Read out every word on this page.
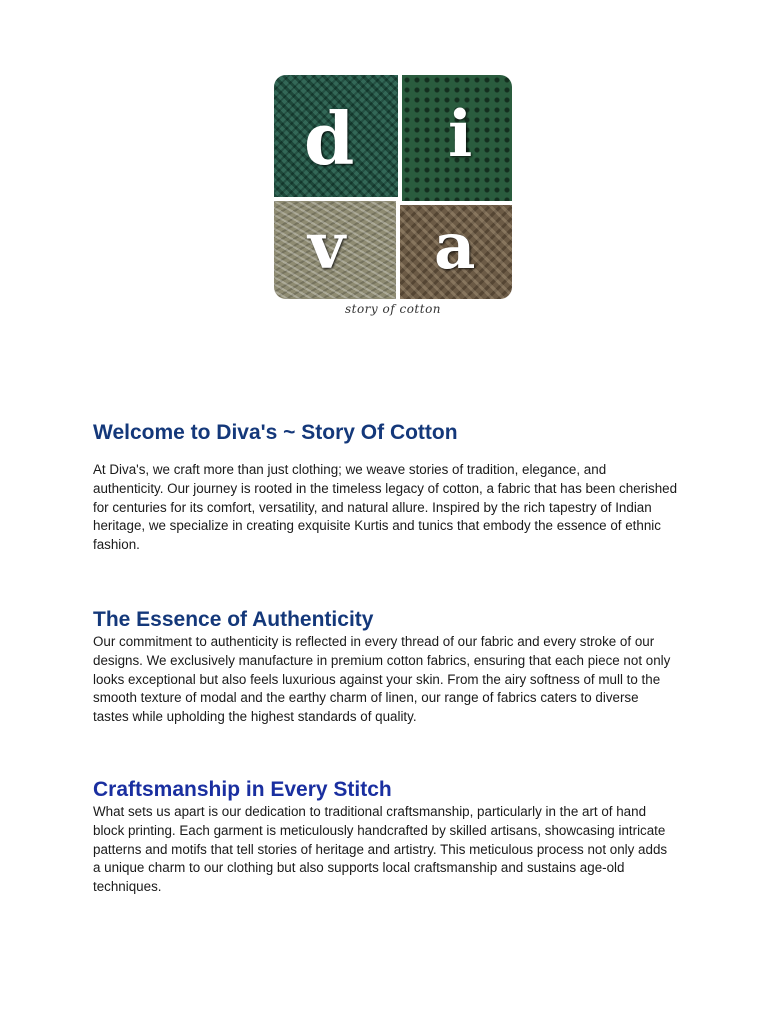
d i
v a
story of cotton
Welcome to Diva's ~ Story Of Cotton

At Diva's, we craft more than just clothing; we weave stories of tradition, elegance, and authenticity. Our journey is rooted in the timeless legacy of cotton, a fabric that has been cherished for centuries for its comfort, versatility, and natural allure. Inspired by the rich tapestry of Indian heritage, we specialize in creating exquisite Kurtis and tunics that embody the essence of ethnic fashion.

The Essence of Authenticity

Our commitment to authenticity is reflected in every thread of our fabric and every stroke of our designs. We exclusively manufacture in premium cotton fabrics, ensuring that each piece not only looks exceptional but also feels luxurious against your skin. From the airy softness of mull to the smooth texture of modal and the earthy charm of linen, our range of fabrics caters to diverse tastes while upholding the highest standards of quality.

Craftsmanship in Every Stitch

What sets us apart is our dedication to traditional craftsmanship, particularly in the art of hand block printing. Each garment is meticulously handcrafted by skilled artisans, showcasing intricate patterns and motifs that tell stories of heritage and artistry. This meticulous process not only adds a unique charm to our clothing but also supports local craftsmanship and sustains age-old techniques.
